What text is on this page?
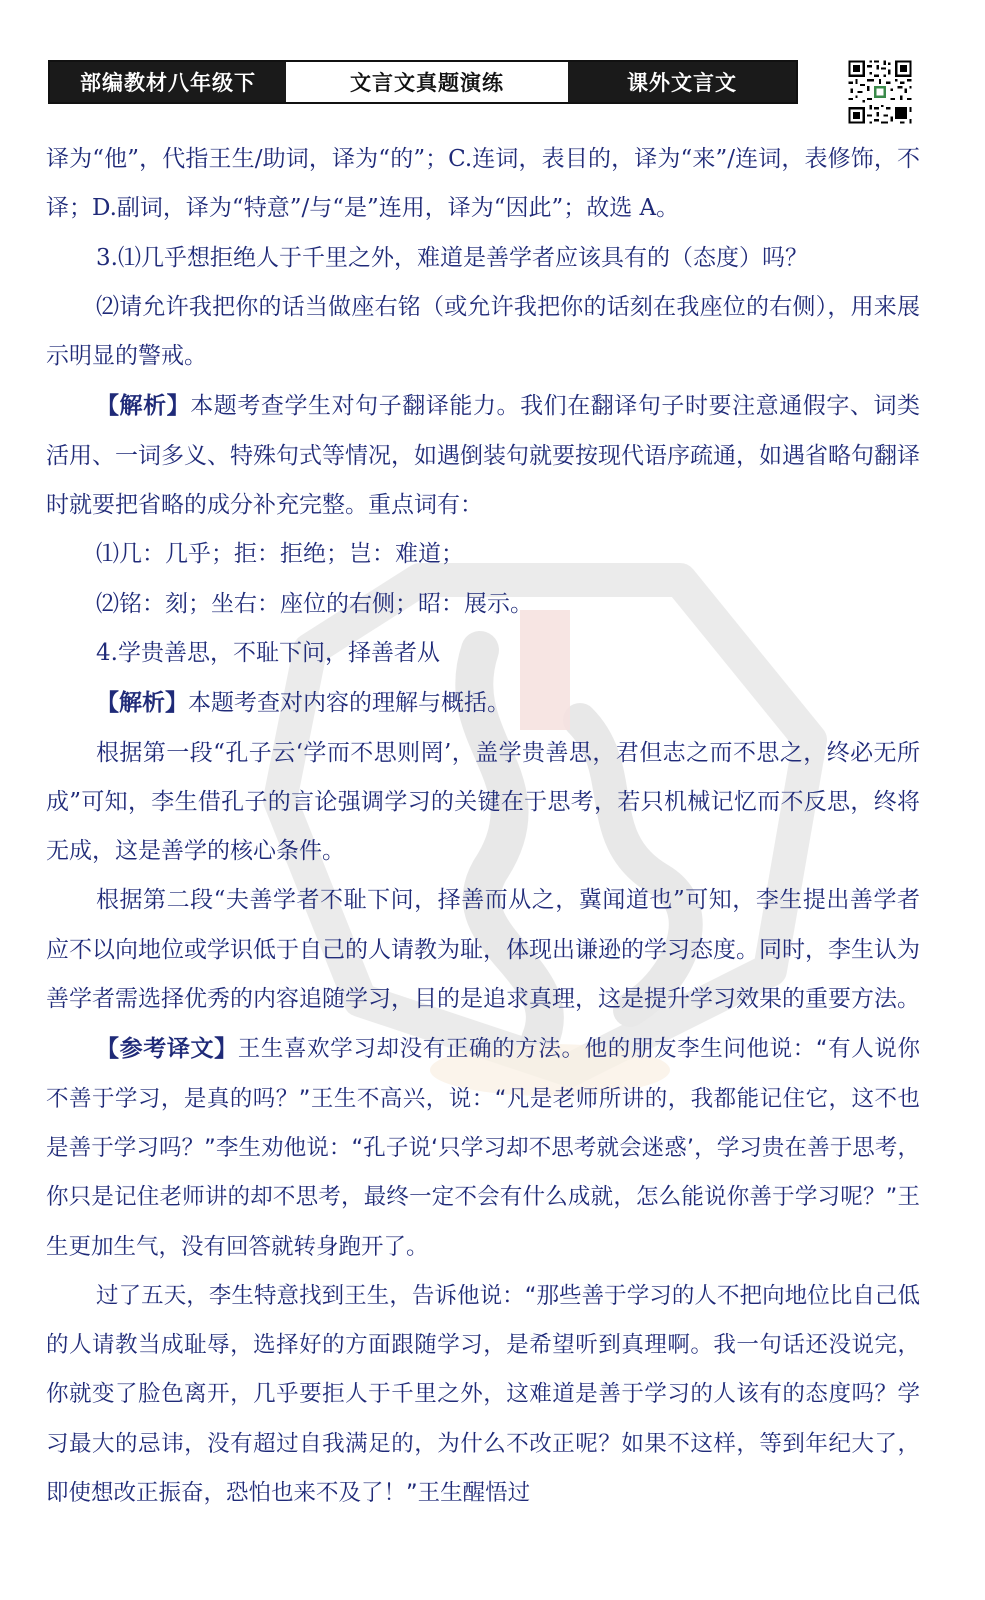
部编教材八年级下	文言文真题演练	课外文言文

译为“他”，代指王生/助词，译为“的”；C.连词，表目的，译为“来”/连词，表修饰，不译；D.副词，译为“特意”/与“是”连用，译为“因此”；故选 A。

3.⑴几乎想拒绝人于千里之外，难道是善学者应该具有的（态度）吗？

⑵请允许我把你的话当做座右铭（或允许我把你的话刻在我座位的右侧），用来展示明显的警戒。

【解析】本题考查学生对句子翻译能力。我们在翻译句子时要注意通假字、词类活用、一词多义、特殊句式等情况，如遇倒装句就要按现代语序疏通，如遇省略句翻译时就要把省略的成分补充完整。重点词有：

⑴几：几乎；拒：拒绝；岂：难道；

⑵铭：刻；坐右：座位的右侧；昭：展示。

4.学贵善思，不耻下问，择善者从

【解析】本题考查对内容的理解与概括。

根据第一段“孔子云‘学而不思则罔’，盖学贵善思，君但志之而不思之，终必无所成”可知，李生借孔子的言论强调学习的关键在于思考，若只机械记忆而不反思，终将无成，这是善学的核心条件。

根据第二段“夫善学者不耻下问，择善而从之，冀闻道也”可知，李生提出善学者应不以向地位或学识低于自己的人请教为耻，体现出谦逊的学习态度。同时，李生认为善学者需选择优秀的内容追随学习，目的是追求真理，这是提升学习效果的重要方法。

【参考译文】王生喜欢学习却没有正确的方法。他的朋友李生问他说：“有人说你不善于学习，是真的吗？”王生不高兴，说：“凡是老师所讲的，我都能记住它，这不也是善于学习吗？”李生劝他说：“孔子说‘只学习却不思考就会迷惑’，学习贵在善于思考，你只是记住老师讲的却不思考，最终一定不会有什么成就，怎么能说你善于学习呢？”王生更加生气，没有回答就转身跑开了。

过了五天，李生特意找到王生，告诉他说：“那些善于学习的人不把向地位比自己低的人请教当成耻辱，选择好的方面跟随学习，是希望听到真理啊。我一句话还没说完，你就变了脸色离开，几乎要拒人于千里之外，这难道是善于学习的人该有的态度吗？学习最大的忌讳，没有超过自我满足的，为什么不改正呢？如果不这样，等到年纪大了，即使想改正振奋，恐怕也来不及了！”王生醒悟过
